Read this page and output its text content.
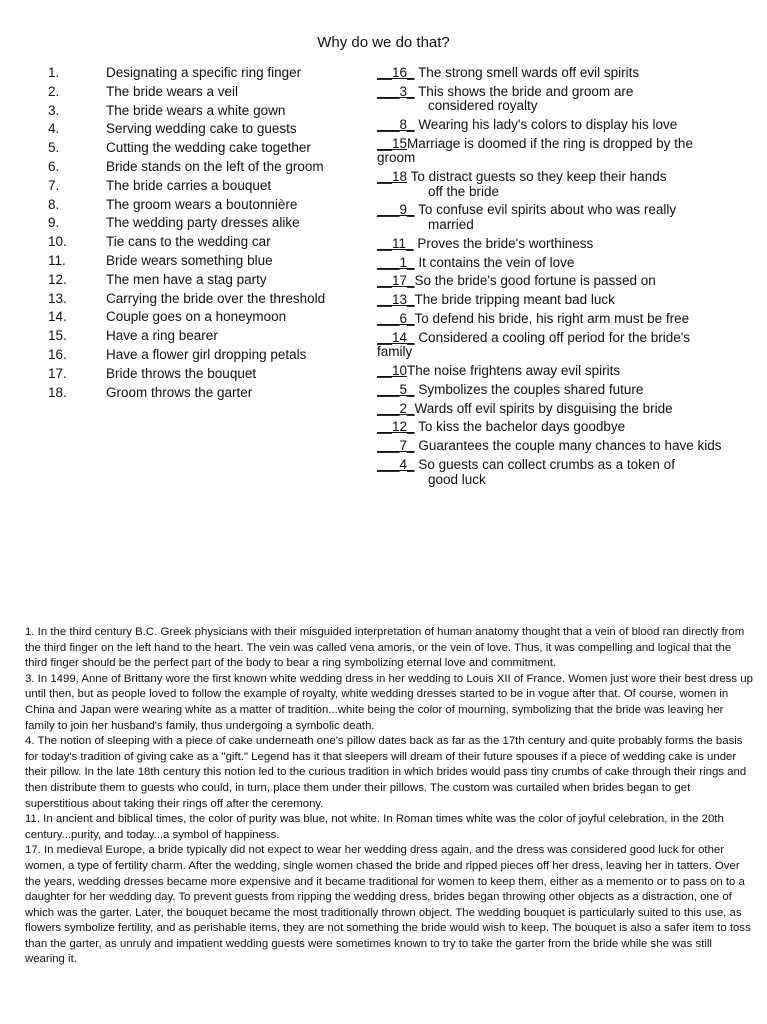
Why do we do that?
1.	Designating a specific ring finger
2.	The bride wears a veil
3.	The bride wears a white gown
4.	Serving wedding cake to guests
5.	Cutting the wedding cake together
6.	Bride stands on the left of the groom
7.	The bride carries a bouquet
8.	The groom wears a boutonnière
9.	The wedding party dresses alike
10.	Tie cans to the wedding car
11.	Bride wears something blue
12.	The men have a stag party
13.	Carrying the bride over the threshold
14.	Couple goes on a honeymoon
15.	Have a ring bearer
16.	Have a flower girl dropping petals
17.	Bride throws the bouquet
18.	Groom throws the garter
__16_ The strong smell wards off evil spirits
___3_ This shows the bride and groom are
considered royalty
___8_ Wearing his lady's colors to display his love
__15Marriage is doomed if the ring is dropped by the
groom
__18 To distract guests so they keep their hands
off the bride
___9_ To confuse evil spirits about who was really
married
__11_ Proves the bride's worthiness
___1_ It contains the vein of love
__17_So the bride's good fortune is passed on
__13_The bride tripping meant bad luck
___6_To defend his bride, his right arm must be free
__14_ Considered a cooling off period for the bride's
family
__10The noise frightens away evil spirits
___5_ Symbolizes the couples shared future
___2_Wards off evil spirits by disguising the bride
__12_ To kiss the bachelor days goodbye
___7_ Guarantees the couple many chances to have kids
___4_ So guests can collect crumbs as a token of
good luck

1. In the third century B.C. Greek physicians with their misguided interpretation of human anatomy thought that a vein of blood ran directly from the third finger on the left hand to the heart. The vein was called vena amoris, or the vein of love. Thus, it was compelling and logical that the third finger should be the perfect part of the body to bear a ring symbolizing eternal love and commitment.

3. In 1499, Anne of Brittany wore the first known white wedding dress in her wedding to Louis XII of France. Women just wore their best dress up until then, but as people loved to follow the example of royalty, white wedding dresses started to be in vogue after that. Of course, women in China and Japan were wearing white as a matter of tradition...white being the color of mourning, symbolizing that the bride was leaving her family to join her husband's family, thus undergoing a symbolic death.

4. The notion of sleeping with a piece of cake underneath one's pillow dates back as far as the 17th century and quite probably forms the basis for today's tradition of giving cake as a "gift." Legend has it that sleepers will dream of their future spouses if a piece of wedding cake is under their pillow. In the late 18th century this notion led to the curious tradition in which brides would pass tiny crumbs of cake through their rings and then distribute them to guests who could, in turn, place them under their pillows. The custom was curtailed when brides began to get superstitious about taking their rings off after the ceremony.

11. In ancient and biblical times, the color of purity was blue, not white. In Roman times white was the color of joyful celebration, in the 20th century...purity, and today...a symbol of happiness.

17. In medieval Europe, a bride typically did not expect to wear her wedding dress again, and the dress was considered good luck for other women, a type of fertility charm. After the wedding, single women chased the bride and ripped pieces off her dress, leaving her in tatters. Over the years, wedding dresses became more expensive and it became traditional for women to keep them, either as a memento or to pass on to a daughter for her wedding day. To prevent guests from ripping the wedding dress, brides began throwing other objects as a distraction, one of which was the garter. Later, the bouquet became the most traditionally thrown object. The wedding bouquet is particularly suited to this use, as flowers symbolize fertility, and as perishable items, they are not something the bride would wish to keep. The bouquet is also a safer item to toss than the garter, as unruly and impatient wedding guests were sometimes known to try to take the garter from the bride while she was still wearing it.
